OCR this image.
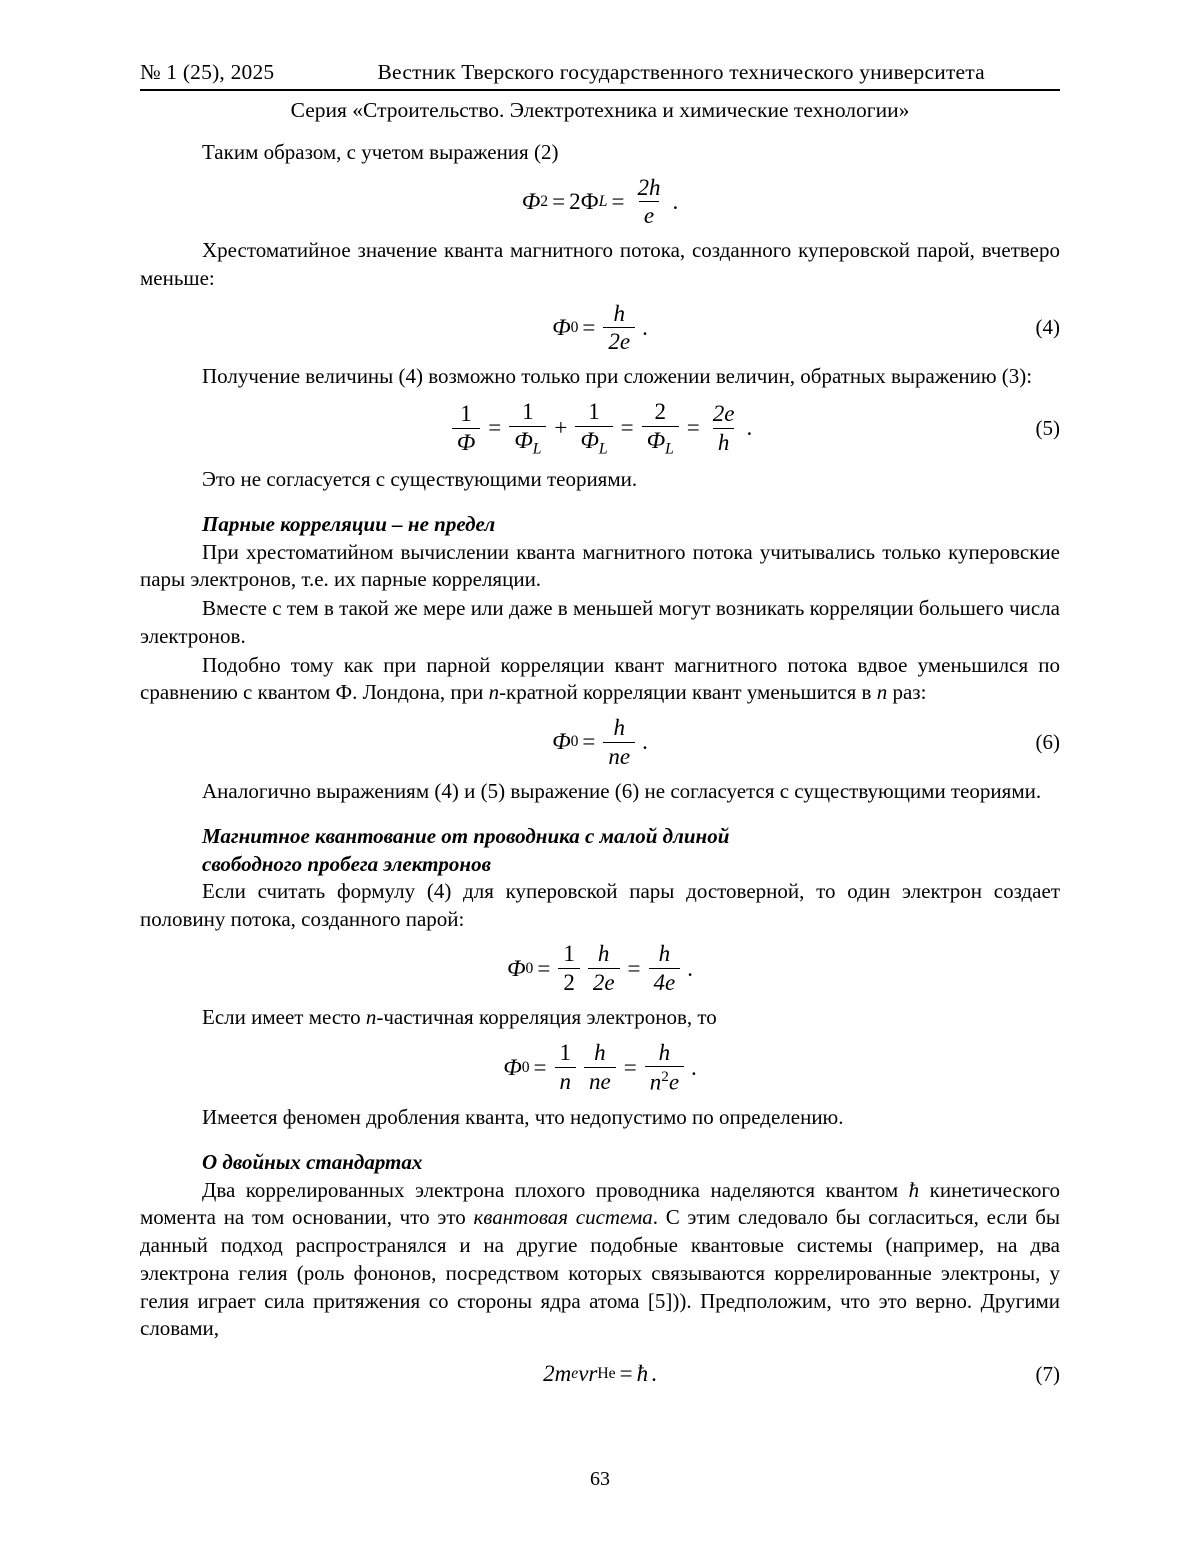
№ 1 (25), 2025	Вестник Тверского государственного технического университета
Серия «Строительство. Электротехника и химические технологии»

Таким образом, с учетом выражения (2)

Ф 2 = 2Ф $L = \frac{2h}{e}$ .

Хрестоматийное значение кванта магнитного потока, созданного куперовской парой, вчетверо меньше:

Ф $0 = \frac{h}{2e}$ .	(4)

Получение величины (4) возможно только при сложении величин, обратных выражению (3):

$\frac{1}{Ф} = \frac{1}{Ф_L} + \frac{1}{Ф_L} = \frac{2}{Ф_L} = \frac{2e}{h}$ .	(5)

Это не согласуется с существующими теориями.

Парные корреляции – не предел

При хрестоматийном вычислении кванта магнитного потока учитывались только куперовские пары электронов, т.е. их парные корреляции.

Вместе с тем в такой же мере или даже в меньшей могут возникать корреляции большего числа электронов.

Подобно тому как при парной корреляции квант магнитного потока вдвое уменьшился по сравнению с квантом Ф. Лондона, при n-кратной корреляции квант уменьшится в n раз:

Ф $0 = \frac{h}{ne}$ .	(6)

Аналогично выражениям (4) и (5) выражение (6) не согласуется с существующими теориями.

Магнитное квантование от проводника с малой длиной
свободного пробега электронов

Если считать формулу (4) для куперовской пары достоверной, то один электрон создает половину потока, созданного парой:

Ф $0 = \frac{1}{2} \frac{h}{2e} = \frac{h}{4e}$ .

Если имеет место n-частичная корреляция электронов, то

Ф $0 = \frac{1}{n} \frac{h}{ne} = \frac{h}{n^2e}$ .

Имеется феномен дробления кванта, что недопустимо по определению.

О двойных стандартах

Два коррелированных электрона плохого проводника наделяются квантом ħ кинетического момента на том основании, что это квантовая система. С этим следовало бы согласиться, если бы данный подход распространялся и на другие подобные квантовые системы (например, на два электрона гелия (роль фононов, посредством которых связываются коррелированные электроны, у гелия играет сила притяжения со стороны ядра атома [5])). Предположим, что это верно. Другими словами,

2m e vr He = ħ .	(7)
63
